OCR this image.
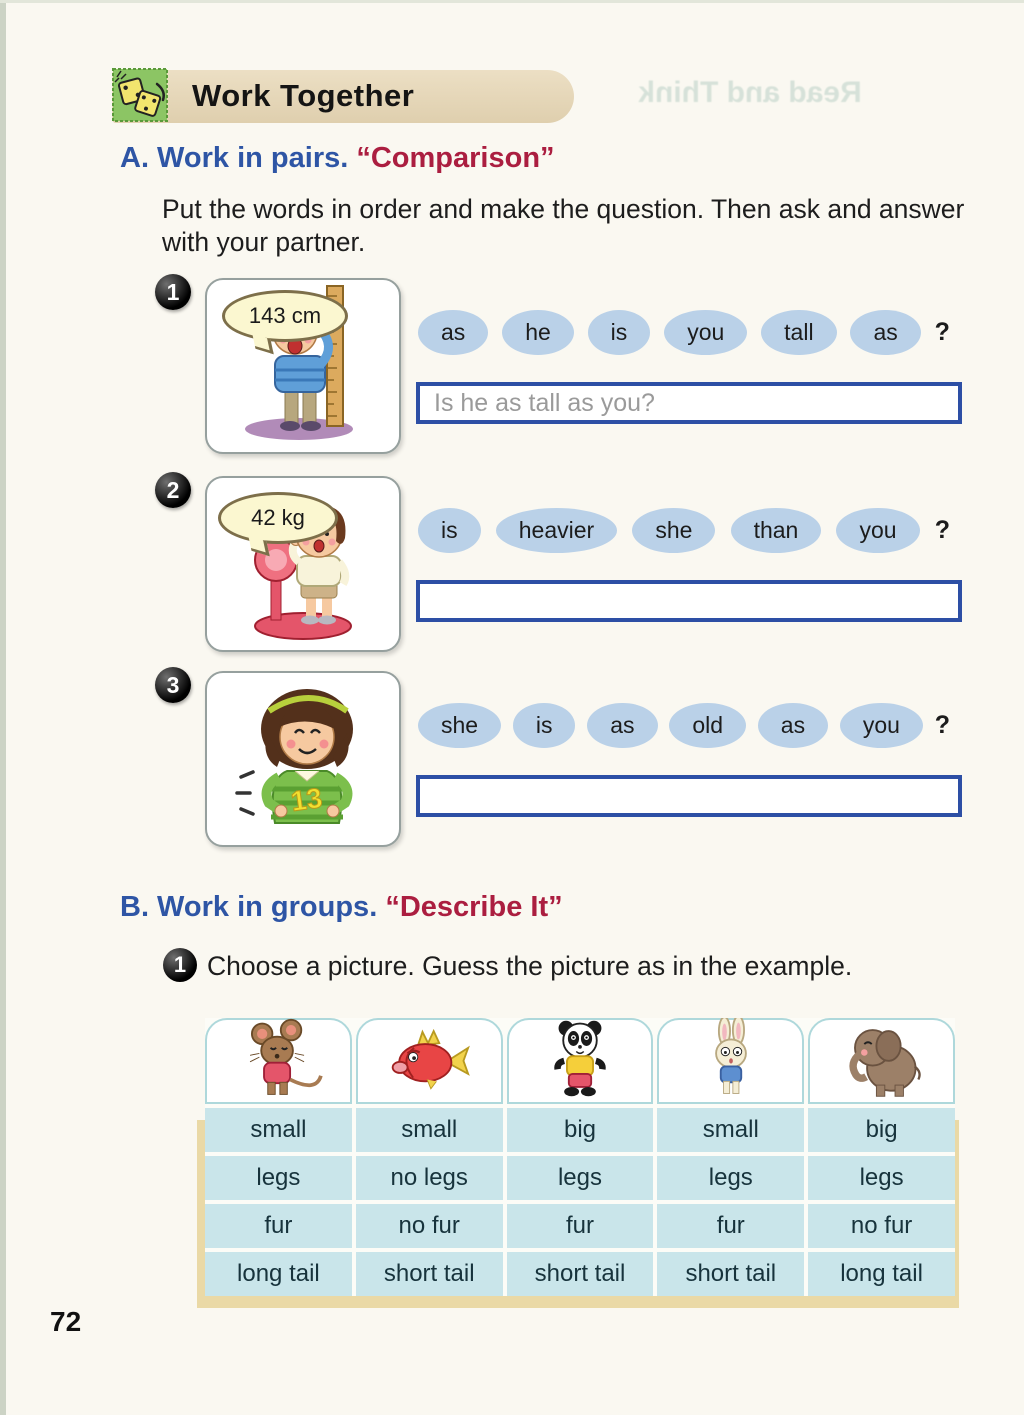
Work Together	Read and Think
A. Work in pairs. “Comparison”
Put the words in order and make the question. Then ask and answer with your partner.
1
143 cm
as	he	is	you	tall	as	?
Is he as tall as you?
2
42 kg	is	heavier	she	than	you	?
3
13
she	is	as	old	as	you	?
B. Work in groups. “Describe It”
1 Choose a picture. Guess the picture as in the example.
small	small	big	small	big
legs	no legs	legs	legs	legs
fur	no fur	fur	fur	no fur
long tail	short tail	short tail	short tail	long tail
72
